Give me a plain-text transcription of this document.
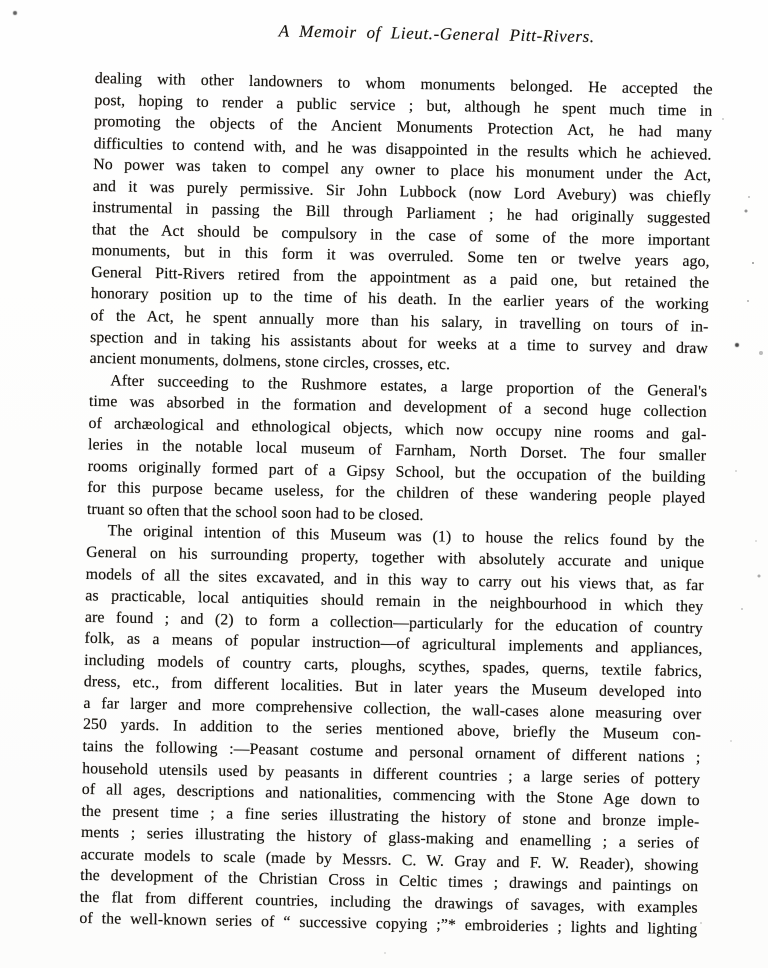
A Memoir of Lieut.-General Pitt-Rivers.
dealing with other landowners to whom monuments belonged. He accepted the
post, hoping to render a public service ; but, although he spent much time in
promoting the objects of the Ancient Monuments Protection Act, he had many
difficulties to contend with, and he was disappointed in the results which he achieved.
No power was taken to compel any owner to place his monument under the Act,
and it was purely permissive. Sir John Lubbock (now Lord Avebury) was chiefly
instrumental in passing the Bill through Parliament ; he had originally suggested
that the Act should be compulsory in the case of some of the more important
monuments, but in this form it was overruled. Some ten or twelve years ago,
General Pitt-Rivers retired from the appointment as a paid one, but retained the
honorary position up to the time of his death. In the earlier years of the working
of the Act, he spent annually more than his salary, in travelling on tours of in-
spection and in taking his assistants about for weeks at a time to survey and draw
ancient monuments, dolmens, stone circles, crosses, etc.
After succeeding to the Rushmore estates, a large proportion of the General's
time was absorbed in the formation and development of a second huge collection
of archæological and ethnological objects, which now occupy nine rooms and gal-
leries in the notable local museum of Farnham, North Dorset. The four smaller
rooms originally formed part of a Gipsy School, but the occupation of the building
for this purpose became useless, for the children of these wandering people played
truant so often that the school soon had to be closed.
The original intention of this Museum was (1) to house the relics found by the
General on his surrounding property, together with absolutely accurate and unique
models of all the sites excavated, and in this way to carry out his views that, as far
as practicable, local antiquities should remain in the neighbourhood in which they
are found ; and (2) to form a collection—particularly for the education of country
folk, as a means of popular instruction—of agricultural implements and appliances,
including models of country carts, ploughs, scythes, spades, querns, textile fabrics,
dress, etc., from different localities. But in later years the Museum developed into
a far larger and more comprehensive collection, the wall-cases alone measuring over
250 yards. In addition to the series mentioned above, briefly the Museum con-
tains the following :—Peasant costume and personal ornament of different nations ;
household utensils used by peasants in different countries ; a large series of pottery
of all ages, descriptions and nationalities, commencing with the Stone Age down to
the present time ; a fine series illustrating the history of stone and bronze imple-
ments ; series illustrating the history of glass-making and enamelling ; a series of
accurate models to scale (made by Messrs. C. W. Gray and F. W. Reader), showing
the development of the Christian Cross in Celtic times ; drawings and paintings on
the flat from different countries, including the drawings of savages, with examples
of the well-known series of “ successive copying ;”* embroideries ; lights and lighting
